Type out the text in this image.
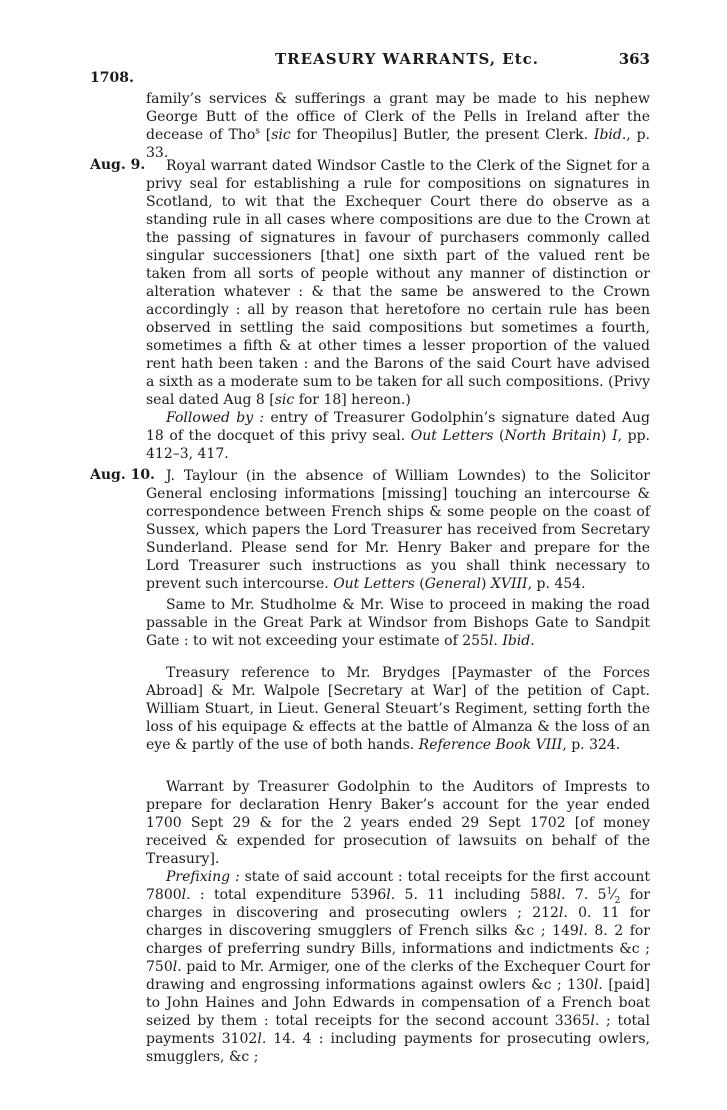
TREASURY WARRANTS, Etc.	363
1708.

family’s services & sufferings a grant may be made to his nephew George Butt of the office of Clerk of the Pells in Ireland after the decease of Tho$^s$ [sic for Theopilus] Butler, the present Clerk. Ibid., p. 33.

Aug. 9.	Royal warrant dated Windsor Castle to the Clerk of the Signet for a privy seal for establishing a rule for compositions on signatures in Scotland, to wit that the Exchequer Court there do observe as a standing rule in all cases where compositions are due to the Crown at the passing of signatures in favour of purchasers commonly called singular successioners [that] one sixth part of the valued rent be taken from all sorts of people without any manner of distinction or alteration whatever : & that the same be answered to the Crown accordingly : all by reason that heretofore no certain rule has been observed in settling the said compositions but sometimes a fourth, sometimes a fifth & at other times a lesser proportion of the valued rent hath been taken : and the Barons of the said Court have advised a sixth as a moderate sum to be taken for all such compositions. (Privy seal dated Aug 8 [sic for 18] hereon.)

Followed by : entry of Treasurer Godolphin’s signature dated Aug 18 of the docquet of this privy seal. Out Letters (North Britain) I, pp. 412–3, 417.

Aug. 10. J. Taylour (in the absence of William Lowndes) to the Solicitor General enclosing informations [missing] touching an intercourse & correspondence between French ships & some people on the coast of Sussex, which papers the Lord Treasurer has received from Secretary Sunderland. Please send for Mr. Henry Baker and prepare for the Lord Treasurer such instructions as you shall think necessary to prevent such intercourse. Out Letters (General) XVIII, p. 454.

Same to Mr. Studholme & Mr. Wise to proceed in making the road passable in the Great Park at Windsor from Bishops Gate to Sandpit Gate : to wit not exceeding your estimate of 255l. Ibid.

Treasury reference to Mr. Brydges [Paymaster of the Forces Abroad] & Mr. Walpole [Secretary at War] of the petition of Capt. William Stuart, in Lieut. General Steuart’s Regiment, setting forth the loss of his equipage & effects at the battle of Almanza & the loss of an eye & partly of the use of both hands. Reference Book VIII, p. 324.

Warrant by Treasurer Godolphin to the Auditors of Imprests to prepare for declaration Henry Baker’s account for the year ended 1700 Sept 29 & for the 2 years ended 29 Sept 1702 [of money received & expended for prosecution of lawsuits on behalf of the Treasury].

Prefixing : state of said account : total receipts for the first account 7800l. : total expenditure 5396l. 5. 11 including 588l. 7. $5^1⁄_2$ for charges in discovering and prosecuting owlers ; 212l. 0. 11 for charges in discovering smugglers of French silks &c ; 149l. 8. 2 for charges of preferring sundry Bills, informations and indictments &c ; 750l. paid to Mr. Armiger, one of the clerks of the Exchequer Court for drawing and engrossing informations against owlers &c ; 130l. [paid] to John Haines and John Edwards in compensation of a French boat seized by them : total receipts for the second account 3365l. ; total payments 3102l. 14. 4 : including payments for prosecuting owlers, smugglers, &c ;
